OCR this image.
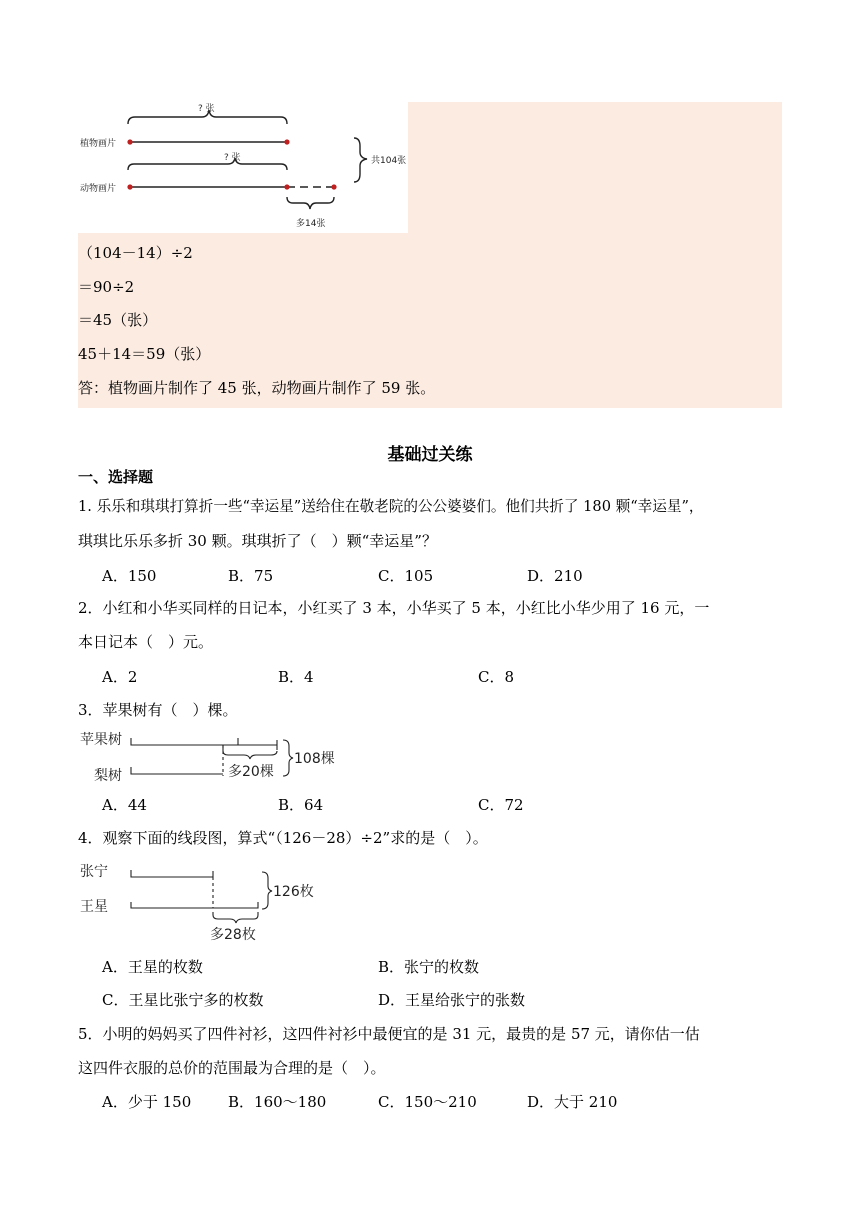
? 张
植物画片
? 张
动物画片
多14张
共104张
（104－14）÷2
＝90÷2
＝45（张）
45＋14＝59（张）
答：植物画片制作了 45 张，动物画片制作了 59 张。
基础过关练
一、选择题
1. 乐乐和琪琪打算折一些“幸运星”送给住在敬老院的公公婆婆们。他们共折了 180 颗“幸运星”，
琪琪比乐乐多折 30 颗。琪琪折了（　）颗“幸运星”？
A．150	B．75	C．105	D．210
2．小红和小华买同样的日记本，小红买了 3 本，小华买了 5 本，小红比小华少用了 16 元，一
本日记本（　）元。
A．2	B．4	C．8
3．苹果树有（　）棵。
苹果树
多20棵
梨树
108棵
A．44	B．64	C．72
4．观察下面的线段图，算式“（126－28）÷2”求的是（　）。
张宁
王星
多28枚
126枚
A．王星的枚数	B．张宁的枚数
C．王星比张宁多的枚数	D．王星给张宁的张数
5．小明的妈妈买了四件衬衫，这四件衬衫中最便宜的是 31 元，最贵的是 57 元，请你估一估
这四件衣服的总价的范围最为合理的是（　）。
A．少于 150 B．160～180	C．150～210	D．大于 210
